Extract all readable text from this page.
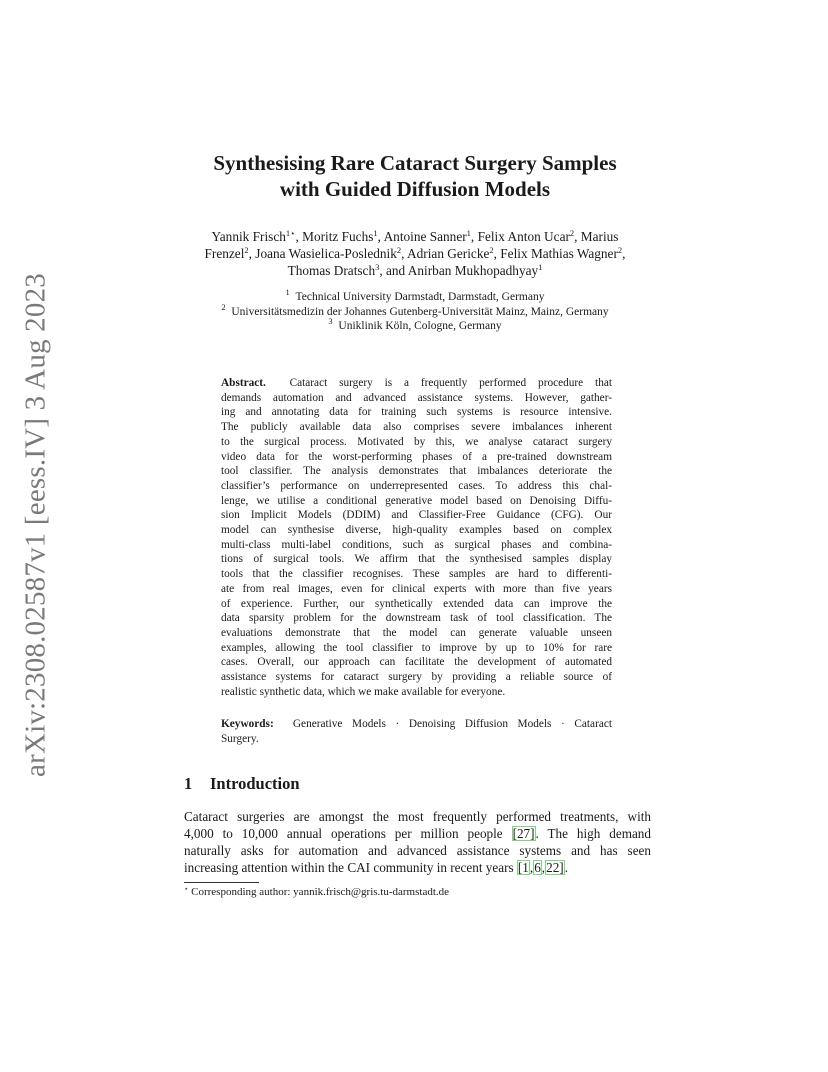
arXiv:2308.02587v1 [eess.IV] 3 Aug 2023
Synthesising Rare Cataract Surgery Samples
with Guided Diffusion Models
Yannik Frisch$^{1⋆}$, Moritz Fuchs$^1$, Antoine Sanner$^1$, Felix Anton Ucar$^2$, Marius
Frenzel$^2$, Joana Wasielica-Poslednik$^2$, Adrian Gericke$^2$, Felix Mathias Wagner$^2$,
Thomas Dratsch$^3$, and Anirban Mukhopadhyay$^1$
$^1$ Technical University Darmstadt, Darmstadt, Germany
$^2$ Universitätsmedizin der Johannes Gutenberg-Universität Mainz, Mainz, Germany
$^3$ Uniklinik Köln, Cologne, Germany
Abstract. Cataract surgery is a frequently performed procedure that
demands automation and advanced assistance systems. However, gather-
ing and annotating data for training such systems is resource intensive.
The publicly available data also comprises severe imbalances inherent
to the surgical process. Motivated by this, we analyse cataract surgery
video data for the worst-performing phases of a pre-trained downstream
tool classifier. The analysis demonstrates that imbalances deteriorate the
classifier’s performance on underrepresented cases. To address this chal-
lenge, we utilise a conditional generative model based on Denoising Diffu-
sion Implicit Models (DDIM) and Classifier-Free Guidance (CFG). Our
model can synthesise diverse, high-quality examples based on complex
multi-class multi-label conditions, such as surgical phases and combina-
tions of surgical tools. We affirm that the synthesised samples display
tools that the classifier recognises. These samples are hard to differenti-
ate from real images, even for clinical experts with more than five years
of experience. Further, our synthetically extended data can improve the
data sparsity problem for the downstream task of tool classification. The
evaluations demonstrate that the model can generate valuable unseen
examples, allowing the tool classifier to improve by up to 10% for rare
cases. Overall, our approach can facilitate the development of automated
assistance systems for cataract surgery by providing a reliable source of
realistic synthetic data, which we make available for everyone.
Keywords: Generative Models · Denoising Diffusion Models · Cataract
Surgery.
1 Introduction
Cataract surgeries are amongst the most frequently performed treatments, with
4,000 to 10,000 annual operations per million people [27]. The high demand
naturally asks for automation and advanced assistance systems and has seen
increasing attention within the CAI community in recent years [1,6,22].
⋆ Corresponding author: yannik.frisch@gris.tu-darmstadt.de
